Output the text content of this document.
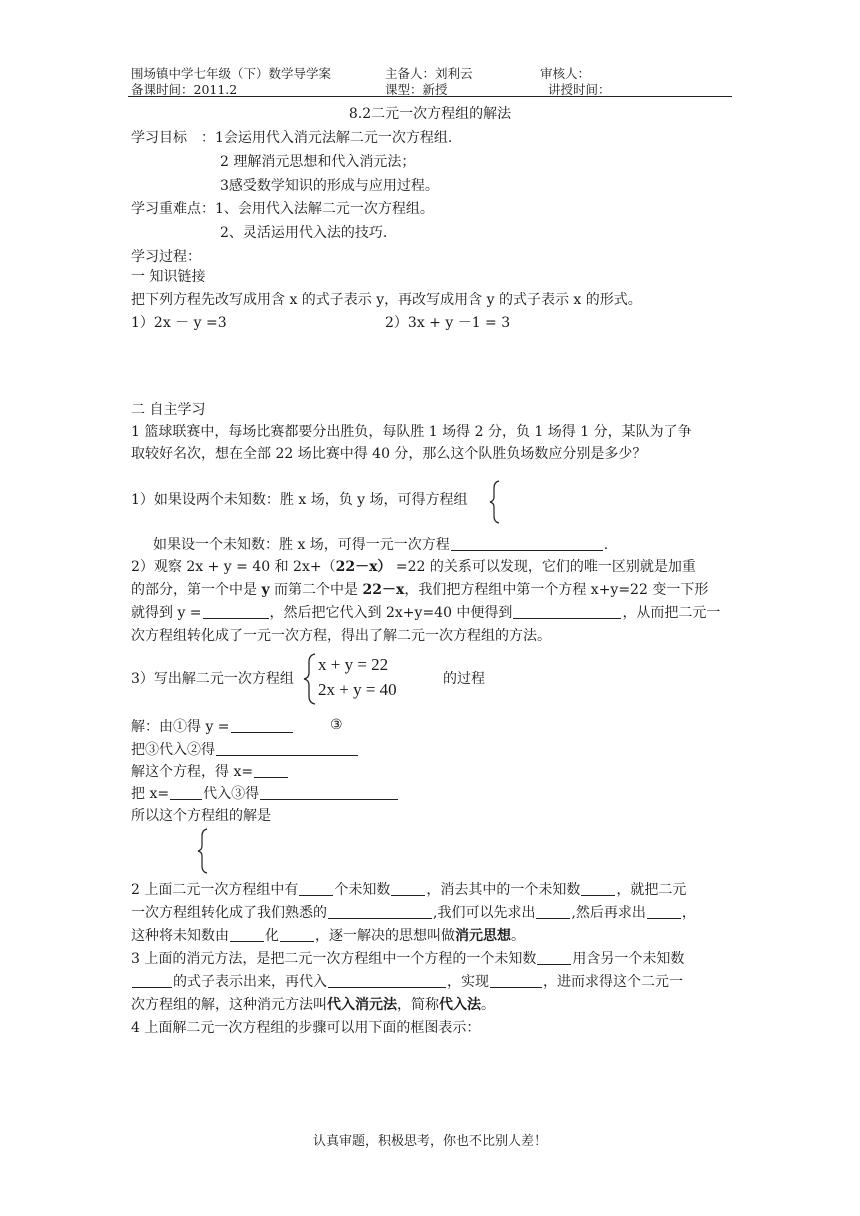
围场镇中学七年级（下）数学导学案	主备人：刘利云	审核人：
备课时间：2011.2	课型：新授	讲授时间：
8.2二元一次方程组的解法
学习目标　：1会运用代入消元法解二元一次方程组.
2 理解消元思想和代入消元法；
3感受数学知识的形成与应用过程。
学习重难点：1、会用代入法解二元一次方程组。
2、灵活运用代入法的技巧.
学习过程：
一 知识链接
把下列方程先改写成用含 x 的式子表示 y，再改写成用含 y 的式子表示 x 的形式。
1）2x － y =3	2）3x + y －1 = 3
二 自主学习
1 篮球联赛中，每场比赛都要分出胜负，每队胜 1 场得 2 分，负 1 场得 1 分，某队为了争
取较好名次，想在全部 22 场比赛中得 40 分，那么这个队胜负场数应分别是多少？
1）如果设两个未知数：胜 x 场，负 y 场，可得方程组
如果设一个未知数：胜 x 场，可得一元一次方程	.
2）观察 2x + y = 40 和 2x+（22－x） =22 的关系可以发现，它们的唯一区别就是加重
的部分，第一个中是 y 而第二个中是 22－x，我们把方程组中第一个方程 x+y=22 变一下形
就得到 y =	，然后把它代入到 2x+y=40 中便得到	，从而把二元一
次方程组转化成了一元一次方程，得出了解二元一次方程组的方法。
3）写出解二元一次方程组
x + y = 22
2x + y = 40
的过程
解：由①得 y =	③
把③代入②得
解这个方程，得 x=
把 x= 代入③得
所以这个方程组的解是
2 上面二元一次方程组中有	个未知数	，消去其中的一个未知数	，就把二元
一次方程组转化成了我们熟悉的	,我们可以先求出	,然后再求出	，
这种将未知数由	化	，逐一解决的思想叫做消元思想。
3 上面的消元方法，是把二元一次方程组中一个方程的一个未知数	用含另一个未知数
的式子表示出来，再代入	，实现	，进而求得这个二元一
次方程组的解，这种消元方法叫代入消元法，简称代入法。
4 上面解二元一次方程组的步骤可以用下面的框图表示：
认真审题，积极思考，你也不比别人差！
